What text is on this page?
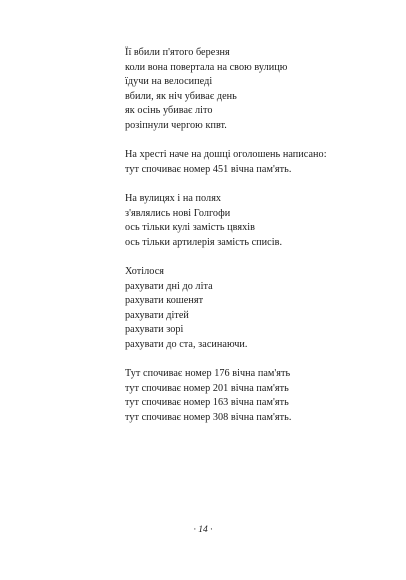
Її вбили п'ятого березня
коли вона повертала на свою вулицю
їдучи на велосипеді
вбили, як ніч убиває день
як осінь убиває літо
розіпнули чергою кпвт.
На хресті наче на дошці оголошень написано:
тут спочиває номер 451 вічна пам'ять.
На вулицях і на полях
з'являлись нові Голгофи
ось тільки кулі замість цвяхів
ось тільки артилерія замість списів.
Хотілося
рахувати дні до літа
рахувати кошенят
рахувати дітей
рахувати зорі
рахувати до ста, засинаючи.
Тут спочиває номер 176 вічна пам'ять
тут спочиває номер 201 вічна пам'ять
тут спочиває номер 163 вічна пам'ять
тут спочиває номер 308 вічна пам'ять.
· 14 ·
